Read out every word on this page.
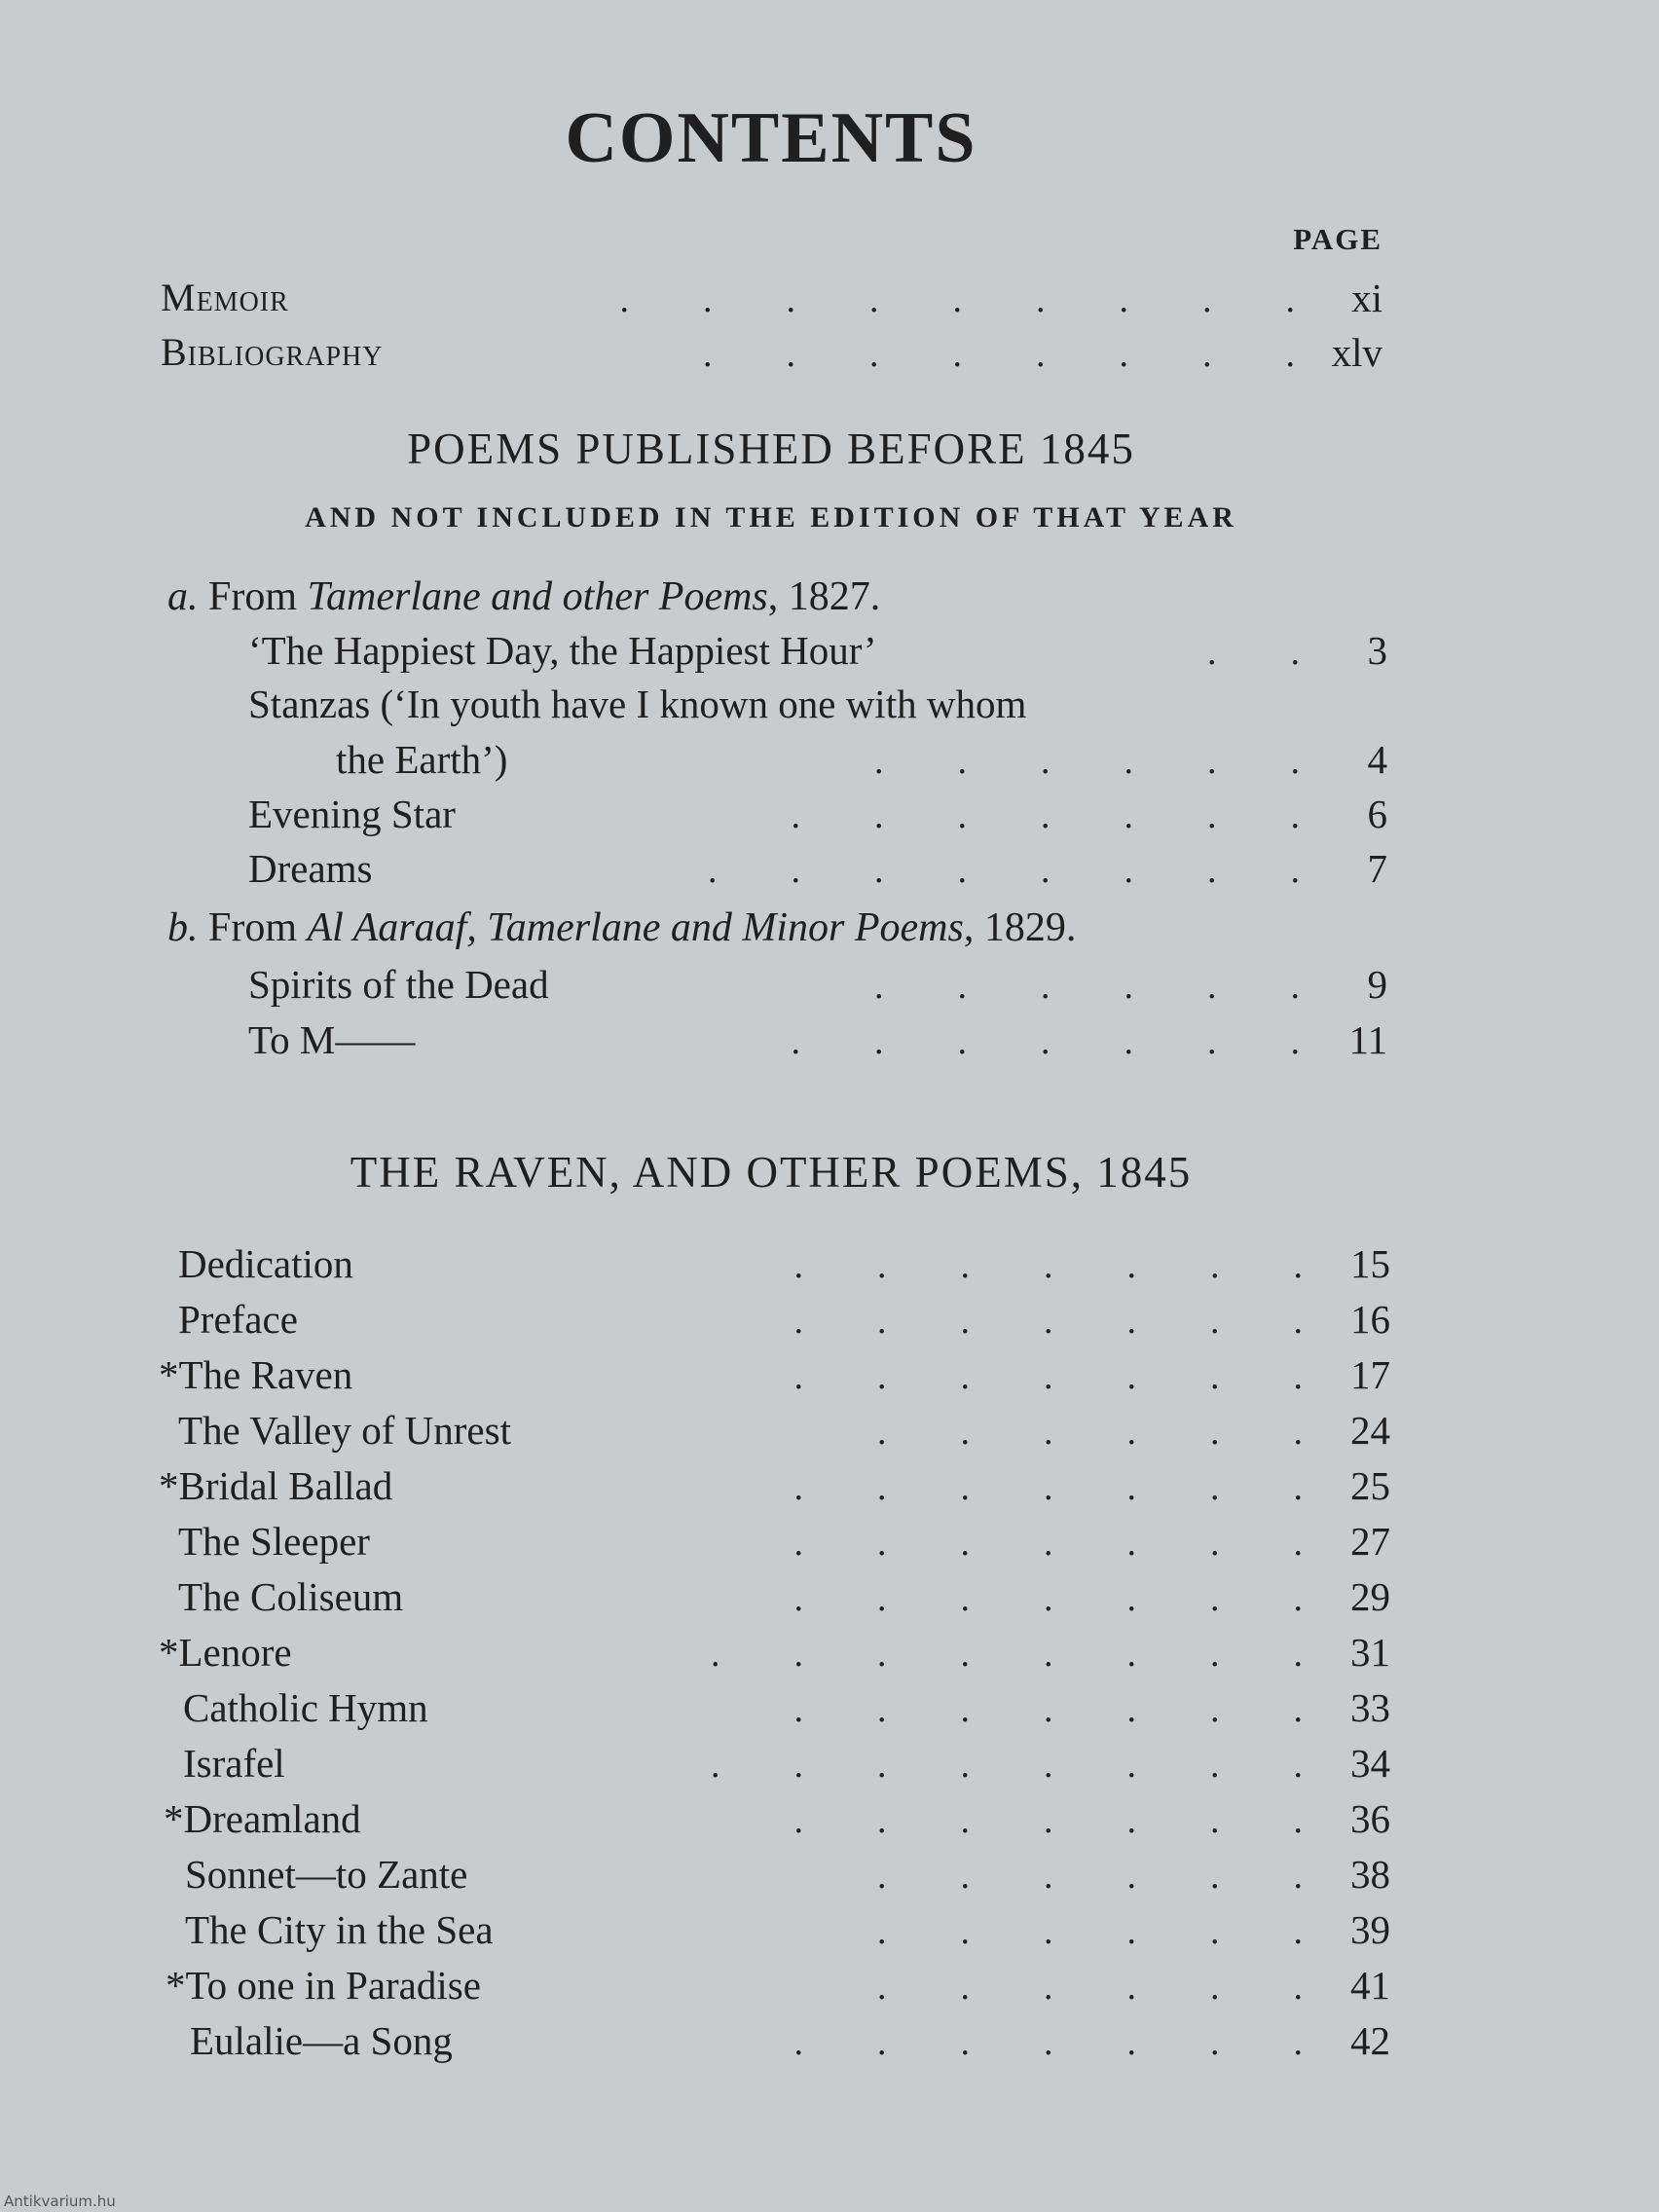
CONTENTS
PAGE
Memoir	.  .  .  .  .  .  .  .  .	xi
Bibliography	.  .  .  .  .  .  .  . xlv
POEMS PUBLISHED BEFORE 1845
AND NOT INCLUDED IN THE EDITION OF THAT YEAR
a. From Tamerlane and other Poems, 1827.
‘The Happiest Day, the Happiest Hour’	.  .	3
Stanzas (‘In youth have I known one with whom
the Earth’)	.  .  .  .  .  .	4
Evening Star	.  .  .  .  .  .  .	6
Dreams	.  .  .  .  .  .  .  .	7
b. From Al Aaraaf, Tamerlane and Minor Poems, 1829.
Spirits of the Dead	.  .  .  .  .  .	9
To M——	.  .  .  .  .  .  .	11
THE RAVEN, AND OTHER POEMS, 1845
Dedication	.  .  .  .  .  .  .	15
Preface	.  .  .  .  .  .  .	16
*The Raven	.  .  .  .  .  .  .	17
The Valley of Unrest	.  .  .  .  .  .	24
*Bridal Ballad	.  .  .  .  .  .  .	25
The Sleeper	.  .  .  .  .  .  .	27
The Coliseum	.  .  .  .  .  .  .	29
*Lenore	.  .  .  .  .  .  .  .	31
Catholic Hymn	.  .  .  .  .  .  .	33
Israfel	.  .  .  .  .  .  .  .	34
*Dreamland	.  .  .  .  .  .  .	36
Sonnet—to Zante	.  .  .  .  .  .	38
The City in the Sea	.  .  .  .  .  .	39
*To one in Paradise	.  .  .  .  .  .	41
Eulalie—a Song	.  .  .  .  .  .  .	42
Antikvarium.hu
